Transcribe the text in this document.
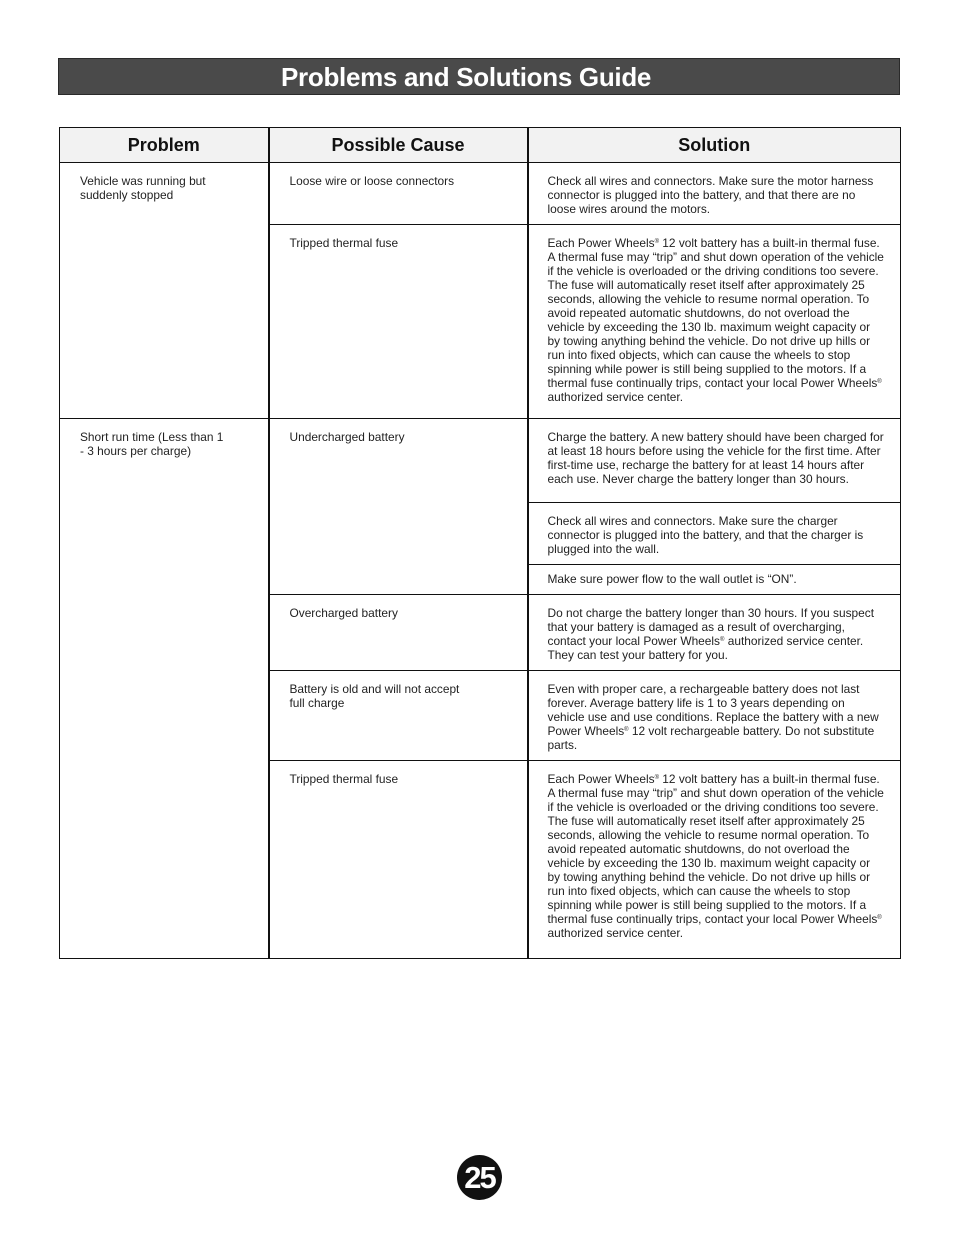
Problems and Solutions Guide
Problem	Possible Cause	Solution

Vehicle was running but suddenly stopped	Loose wire or loose connectors	Check all wires and connectors. Make sure the motor harness connector is plugged into the battery, and that there are no loose wires around the motors.

	Tripped thermal fuse	Each Power Wheels® 12 volt battery has a built-in thermal fuse. A thermal fuse may “trip” and shut down operation of the vehicle if the vehicle is overloaded or the driving conditions too severe. The fuse will automatically reset itself after approximately 25 seconds, allowing the vehicle to resume normal operation. To avoid repeated automatic shutdowns, do not overload the vehicle by exceeding the 130 lb. maximum weight capacity or by towing anything behind the vehicle. Do not drive up hills or run into fixed objects, which can cause the wheels to stop spinning while power is still being supplied to the motors. If a thermal fuse continually trips, contact your local Power Wheels® authorized service center.

Short run time (Less than 1 - 3 hours per charge)	Undercharged battery	Charge the battery. A new battery should have been charged for at least 18 hours before using the vehicle for the first time. After first-time use, recharge the battery for at least 14 hours after each use. Never charge the battery longer than 30 hours.

		Check all wires and connectors. Make sure the charger connector is plugged into the battery, and that the charger is plugged into the wall.

		Make sure power flow to the wall outlet is “ON”.

	Overcharged battery	Do not charge the battery longer than 30 hours. If you suspect that your battery is damaged as a result of overcharging, contact your local Power Wheels® authorized service center. They can test your battery for you.

	Battery is old and will not accept full charge	Even with proper care, a rechargeable battery does not last forever. Average battery life is 1 to 3 years depending on vehicle use and use conditions. Replace the battery with a new Power Wheels® 12 volt rechargeable battery. Do not substitute parts.

	Tripped thermal fuse	Each Power Wheels® 12 volt battery has a built-in thermal fuse. A thermal fuse may “trip” and shut down operation of the vehicle if the vehicle is overloaded or the driving conditions too severe. The fuse will automatically reset itself after approximately 25 seconds, allowing the vehicle to resume normal operation. To avoid repeated automatic shutdowns, do not overload the vehicle by exceeding the 130 lb. maximum weight capacity or by towing anything behind the vehicle. Do not drive up hills or run into fixed objects, which can cause the wheels to stop spinning while power is still being supplied to the motors. If a thermal fuse continually trips, contact your local Power Wheels® authorized service center.
25
